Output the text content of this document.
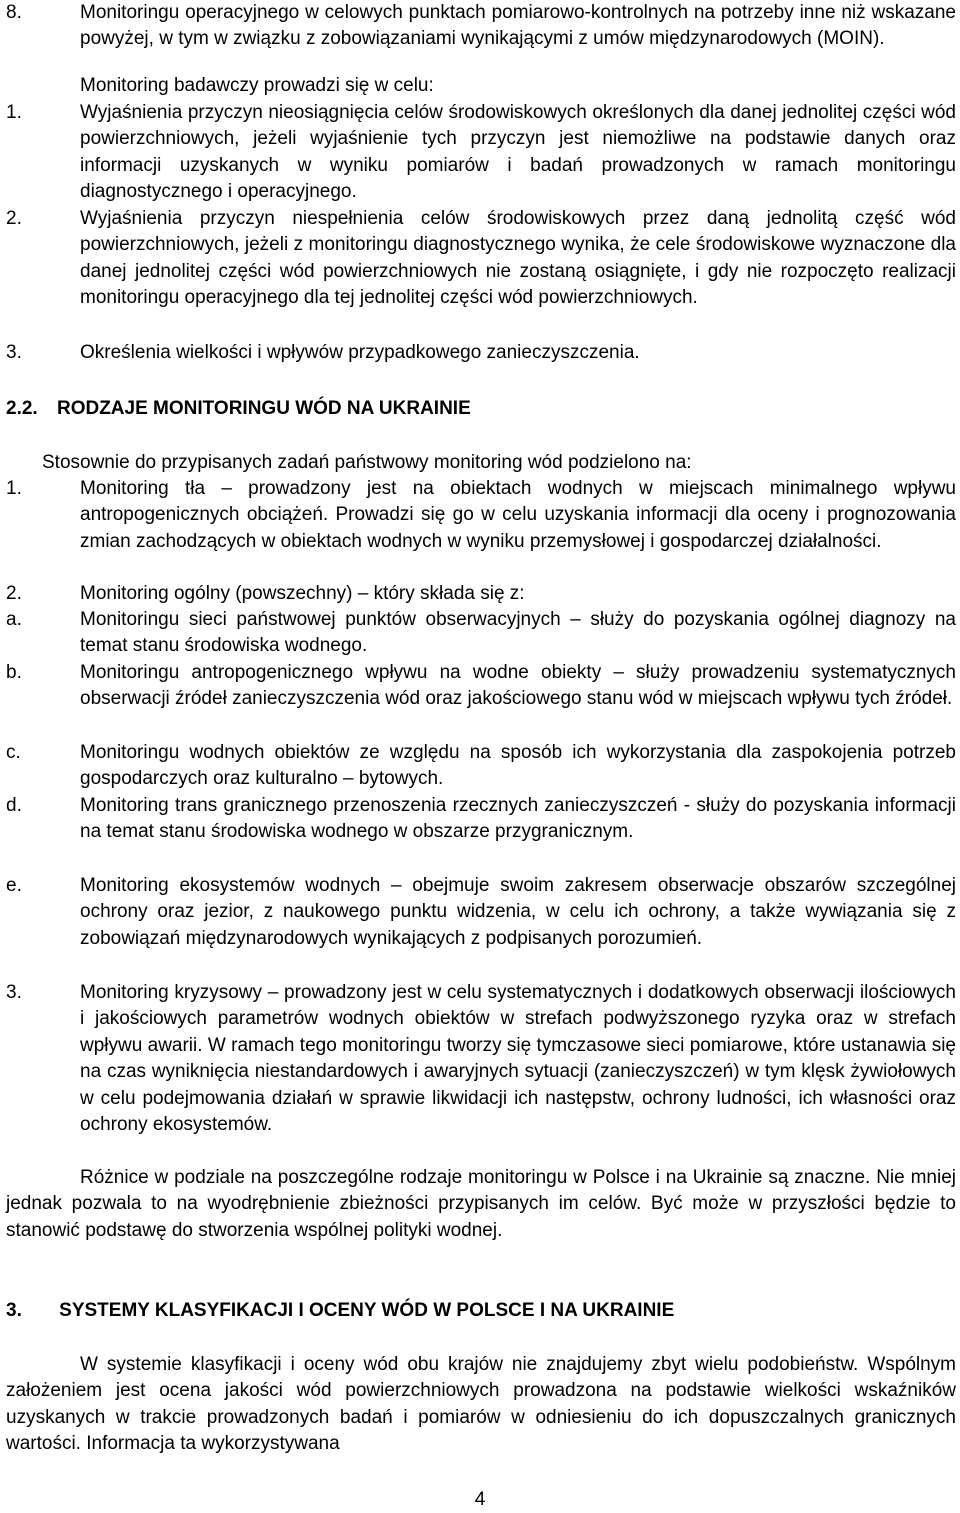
8.	Monitoringu operacyjnego w celowych punktach pomiarowo-kontrolnych na potrzeby inne niż wskazane powyżej, w tym w związku z zobowiązaniami wynikającymi z umów międzynarodowych (MOIN).
Monitoring badawczy prowadzi się w celu:
1.	Wyjaśnienia przyczyn nieosiągnięcia celów środowiskowych określonych dla danej jednolitej części wód powierzchniowych, jeżeli wyjaśnienie tych przyczyn jest niemożliwe na podstawie danych oraz informacji uzyskanych w wyniku pomiarów i badań prowadzonych w ramach monitoringu diagnostycznego i operacyjnego.
2.	Wyjaśnienia przyczyn niespełnienia celów środowiskowych przez daną jednolitą część wód powierzchniowych, jeżeli z monitoringu diagnostycznego wynika, że cele środowiskowe wyznaczone dla danej jednolitej części wód powierzchniowych nie zostaną osiągnięte, i gdy nie rozpoczęto realizacji monitoringu operacyjnego dla tej jednolitej części wód powierzchniowych.
3.	Określenia wielkości i wpływów przypadkowego zanieczyszczenia.
2.2. RODZAJE MONITORINGU WÓD NA UKRAINIE
Stosownie do przypisanych zadań państwowy monitoring wód podzielono na:
1.	Monitoring tła – prowadzony jest na obiektach wodnych w miejscach minimalnego wpływu antropogenicznych obciążeń. Prowadzi się go w celu uzyskania informacji dla oceny i prognozowania zmian zachodzących w obiektach wodnych w wyniku przemysłowej i gospodarczej działalności.
2.	Monitoring ogólny (powszechny) – który składa się z:
a.	Monitoringu sieci państwowej punktów obserwacyjnych – służy do pozyskania ogólnej diagnozy na temat stanu środowiska wodnego.
b.	Monitoringu antropogenicznego wpływu na wodne obiekty – służy prowadzeniu systematycznych obserwacji źródeł zanieczyszczenia wód oraz jakościowego stanu wód w miejscach wpływu tych źródeł.
c.	Monitoringu wodnych obiektów ze względu na sposób ich wykorzystania dla zaspokojenia potrzeb gospodarczych oraz kulturalno – bytowych.
d.	Monitoring trans granicznego przenoszenia rzecznych zanieczyszczeń - służy do pozyskania informacji na temat stanu środowiska wodnego w obszarze przygranicznym.
e.	Monitoring ekosystemów wodnych – obejmuje swoim zakresem obserwacje obszarów szczególnej ochrony oraz jezior, z naukowego punktu widzenia, w celu ich ochrony, a także wywiązania się z zobowiązań międzynarodowych wynikających z podpisanych porozumień.
3.	Monitoring kryzysowy – prowadzony jest w celu systematycznych i dodatkowych obserwacji ilościowych i jakościowych parametrów wodnych obiektów w strefach podwyższonego ryzyka oraz w strefach wpływu awarii. W ramach tego monitoringu tworzy się tymczasowe sieci pomiarowe, które ustanawia się na czas wyniknięcia niestandardowych i awaryjnych sytuacji (zanieczyszczeń) w tym klęsk żywiołowych w celu podejmowania działań w sprawie likwidacji ich następstw, ochrony ludności, ich własności oraz ochrony ekosystemów.
Różnice w podziale na poszczególne rodzaje monitoringu w Polsce i na Ukrainie są znaczne. Nie mniej jednak pozwala to na wyodrębnienie zbieżności przypisanych im celów. Być może w przyszłości będzie to stanowić podstawę do stworzenia wspólnej polityki wodnej.
3. SYSTEMY KLASYFIKACJI I OCENY WÓD W POLSCE I NA UKRAINIE
W systemie klasyfikacji i oceny wód obu krajów nie znajdujemy zbyt wielu podobieństw. Wspólnym założeniem jest ocena jakości wód powierzchniowych prowadzona na podstawie wielkości wskaźników uzyskanych w trakcie prowadzonych badań i pomiarów w odniesieniu do ich dopuszczalnych granicznych wartości. Informacja ta wykorzystywana
4
